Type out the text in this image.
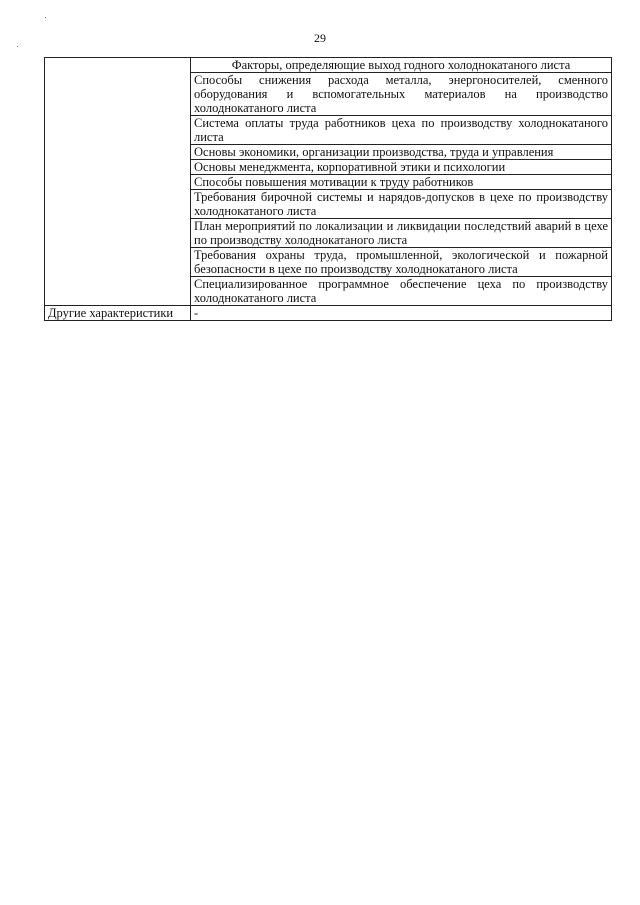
29
	Факторы, определяющие выход годного холоднокатаного листа
	Способы снижения расхода металла, энергоносителей, сменного оборудования и вспомогательных материалов на производство холоднокатаного листа
	Система оплаты труда работников цеха по производству холоднокатаного листа
	Основы экономики, организации производства, труда и управления
	Основы менеджмента, корпоративной этики и психологии
	Способы повышения мотивации к труду работников
	Требования бирочной системы и нарядов-допусков в цехе по производству холоднокатаного листа
	План мероприятий по локализации и ликвидации последствий аварий в цехе по производству холоднокатаного листа
	Требования охраны труда, промышленной, экологической и пожарной безопасности в цехе по производству холоднокатаного листа
	Специализированное программное обеспечение цеха по производству холоднокатаного листа
Другие характеристики	-
